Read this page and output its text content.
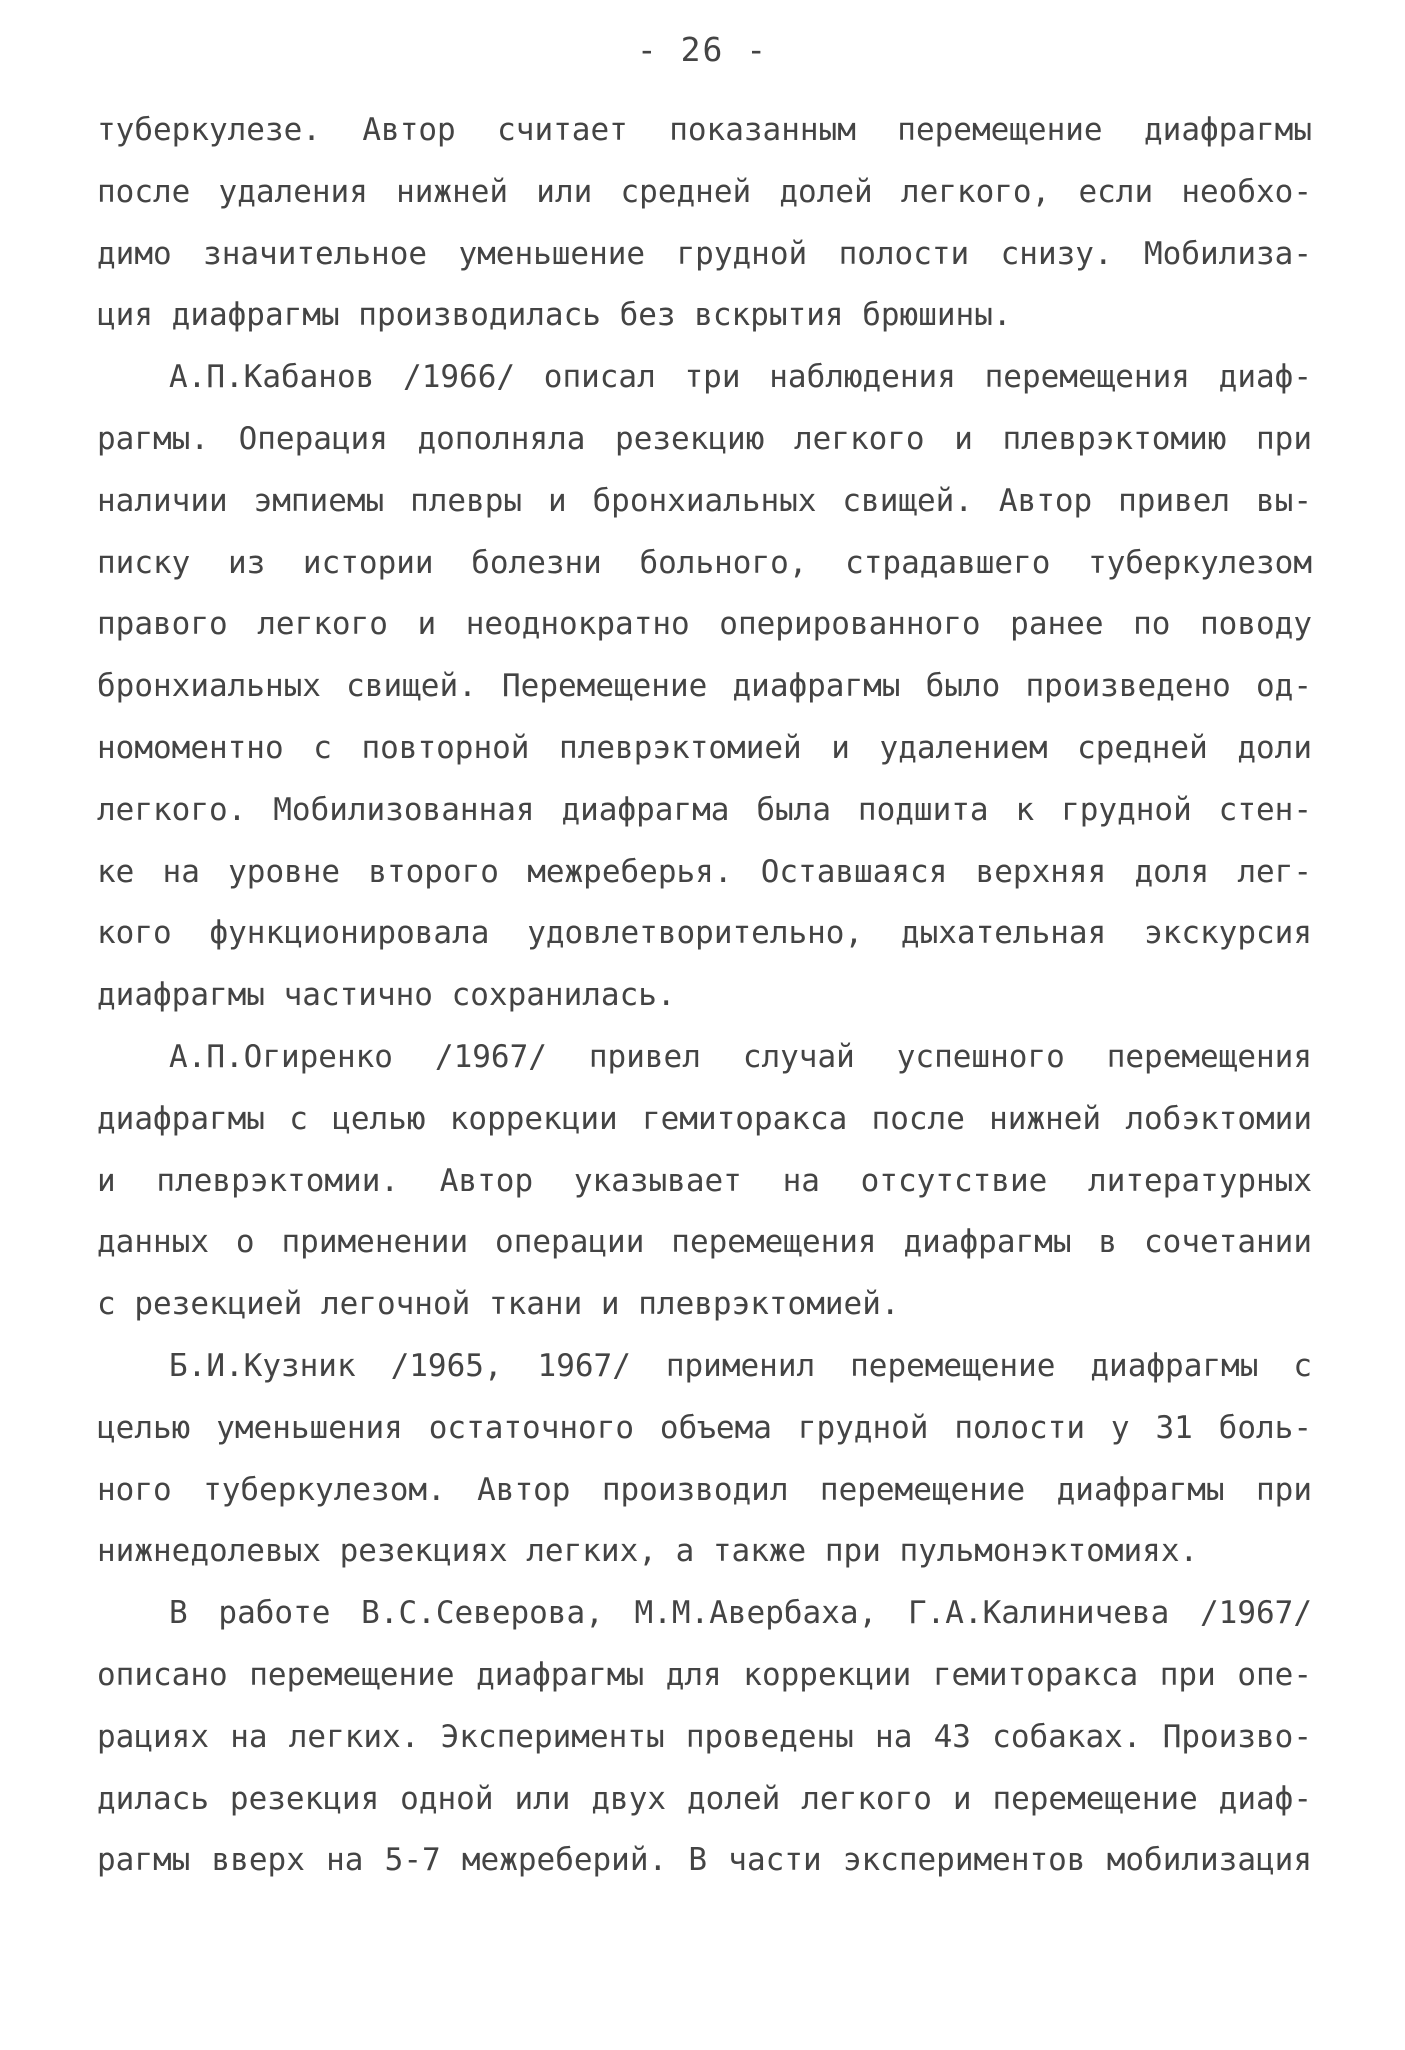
- 26 -
туберкулезе. Автор считает показанным перемещение диафрагмы
после удаления нижней или средней долей легкого, если необхо-
димо значительное уменьшение грудной полости снизу. Мобилиза-
ция диафрагмы производилась без вскрытия брюшины.
А.П.Кабанов /1966/ описал три наблюдения перемещения диаф-
рагмы. Операция дополняла резекцию легкого и плеврэктомию при
наличии эмпиемы плевры и бронхиальных свищей. Автор привел вы-
писку из истории болезни больного, страдавшего туберкулезом
правого легкого и неоднократно оперированного ранее по поводу
бронхиальных свищей. Перемещение диафрагмы было произведено од-
номоментно с повторной плеврэктомией и удалением средней доли
легкого. Мобилизованная диафрагма была подшита к грудной стен-
ке на уровне второго межреберья. Оставшаяся верхняя доля лег-
кого функционировала удовлетворительно, дыхательная экскурсия
диафрагмы частично сохранилась.
А.П.Огиренко /1967/ привел случай успешного перемещения
диафрагмы с целью коррекции гемиторакса после нижней лобэктомии
и плеврэктомии. Автор указывает на отсутствие литературных
данных о применении операции перемещения диафрагмы в сочетании
с резекцией легочной ткани и плеврэктомией.
Б.И.Кузник /1965, 1967/ применил перемещение диафрагмы с
целью уменьшения остаточного объема грудной полости у 31 боль-
ного туберкулезом. Автор производил перемещение диафрагмы при
нижнедолевых резекциях легких, а также при пульмонэктомиях.
В работе В.С.Северова, М.М.Авербаха, Г.А.Калиничева /1967/
описано перемещение диафрагмы для коррекции гемиторакса при опе-
рациях на легких. Эксперименты проведены на 43 собаках. Произво-
дилась резекция одной или двух долей легкого и перемещение диаф-
рагмы вверх на 5-7 межреберий. В части экспериментов мобилизация
